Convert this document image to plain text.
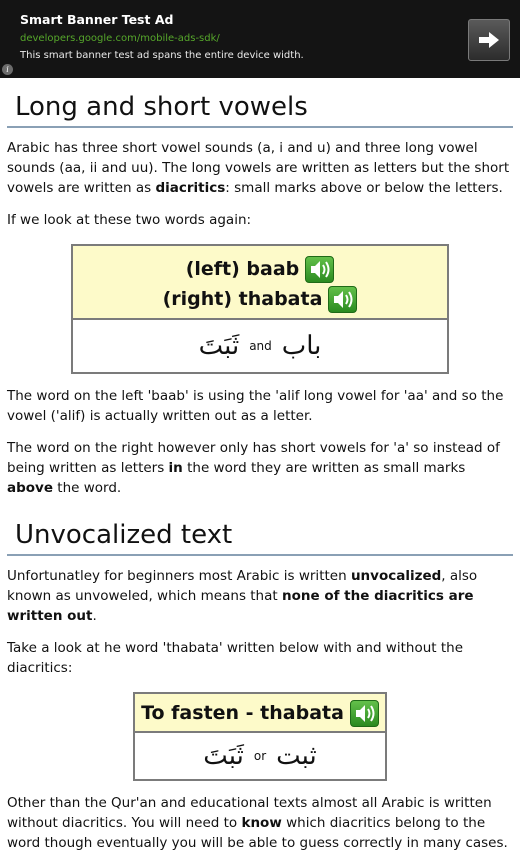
Smart Banner Test Ad
developers.google.com/mobile-ads-sdk/
This smart banner test ad spans the entire device width.
i
Long and short vowels

Arabic has three short vowel sounds (a, i and u) and three long vowel sounds (aa, ii and uu). The long vowels are written as letters but the short vowels are written as diacritics: small marks above or below the letters.

If we look at these two words again:

(left) baab
(right) thabata
ثَبَتَ and باب

The word on the left 'baab' is using the 'alif long vowel for 'aa' and so the vowel ('alif) is actually written out as a letter.

The word on the right however only has short vowels for 'a' so instead of being written as letters in the word they are written as small marks above the word.

Unvocalized text

Unfortunatley for beginners most Arabic is written unvocalized, also known as unvoweled, which means that none of the diacritics are written out.

Take a look at he word 'thabata' written below with and without the diacritics:

To fasten - thabata
ثَبَتَ or ثبت

Other than the Qur'an and educational texts almost all Arabic is written without diacritics. You will need to know which diacritics belong to the word though eventually you will be able to guess correctly in many cases.
